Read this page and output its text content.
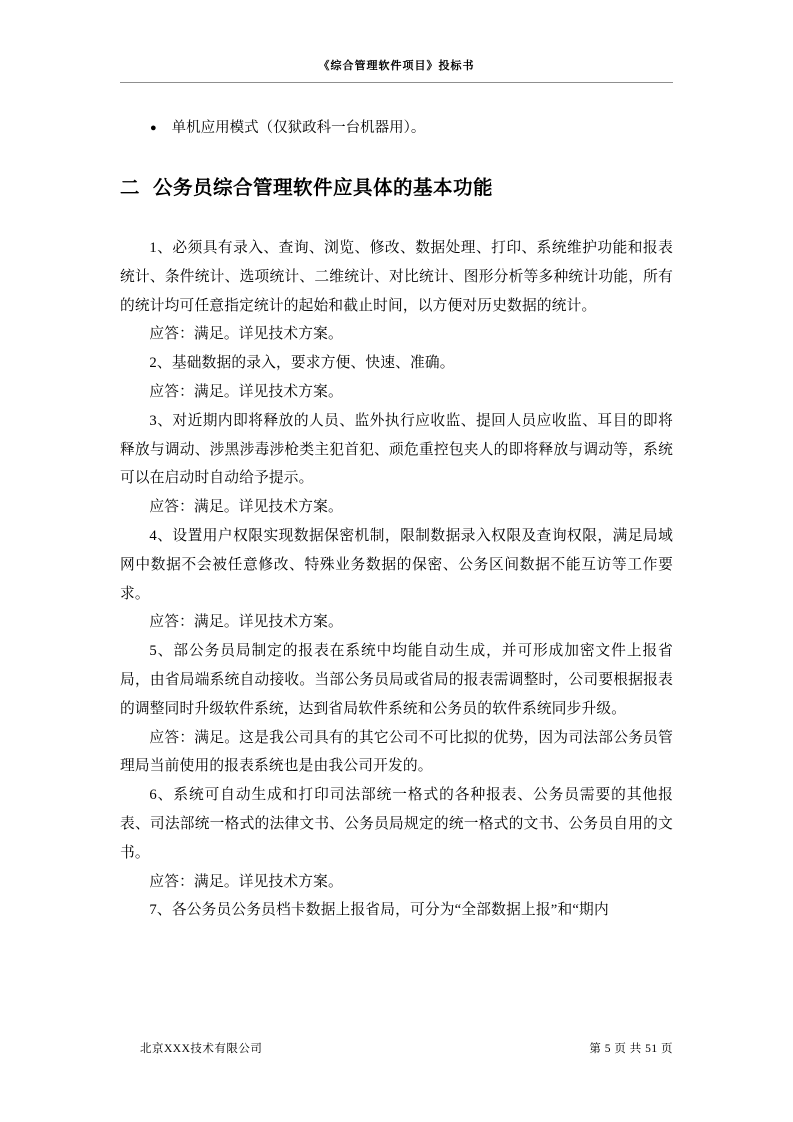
《综合管理软件项目》投标书
● 单机应用模式（仅狱政科一台机器用）。
二 公务员综合管理软件应具体的基本功能

1、必须具有录入、查询、浏览、修改、数据处理、打印、系统维护功能和报表统计、条件统计、选项统计、二维统计、对比统计、图形分析等多种统计功能，所有的统计均可任意指定统计的起始和截止时间，以方便对历史数据的统计。

应答：满足。详见技术方案。

2、基础数据的录入，要求方便、快速、准确。

应答：满足。详见技术方案。

3、对近期内即将释放的人员、监外执行应收监、提回人员应收监、耳目的即将释放与调动、涉黑涉毒涉枪类主犯首犯、顽危重控包夹人的即将释放与调动等，系统可以在启动时自动给予提示。

应答：满足。详见技术方案。

4、设置用户权限实现数据保密机制，限制数据录入权限及查询权限，满足局域网中数据不会被任意修改、特殊业务数据的保密、公务区间数据不能互访等工作要求。

应答：满足。详见技术方案。

5、部公务员局制定的报表在系统中均能自动生成，并可形成加密文件上报省局，由省局端系统自动接收。当部公务员局或省局的报表需调整时，公司要根据报表的调整同时升级软件系统，达到省局软件系统和公务员的软件系统同步升级。

应答：满足。这是我公司具有的其它公司不可比拟的优势，因为司法部公务员管理局当前使用的报表系统也是由我公司开发的。

6、系统可自动生成和打印司法部统一格式的各种报表、公务员需要的其他报表、司法部统一格式的法律文书、公务员局规定的统一格式的文书、公务员自用的文书。

应答：满足。详见技术方案。

7、各公务员公务员档卡数据上报省局，可分为“全部数据上报”和“期内

北京XXX技术有限公司	第 5 页 共 51 页
